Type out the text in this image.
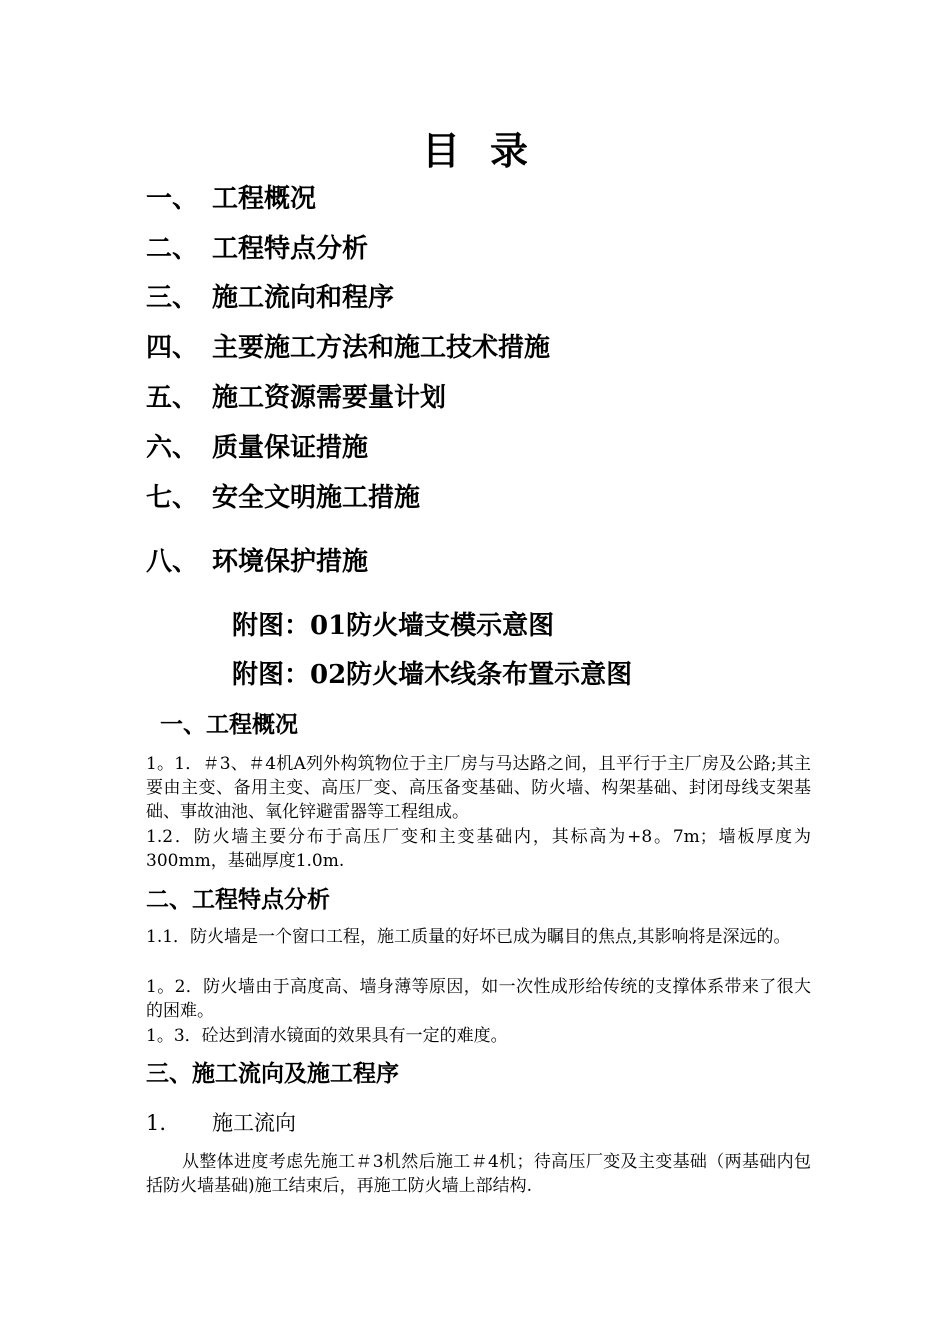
目录
一、 工程概况
二、 工程特点分析
三、 施工流向和程序
四、 主要施工方法和施工技术措施
五、 施工资源需要量计划
六、 质量保证措施
七、 安全文明施工措施
八、 环境保护措施
附图：01防火墙支模示意图
附图：02防火墙木线条布置示意图
一、工程概况
1。1．＃3、＃4机A列外构筑物位于主厂房与马达路之间，且平行于主厂房及公路;其主要由主变、备用主变、高压厂变、高压备变基础、防火墙、构架基础、封闭母线支架基础、事故油池、氧化锌避雷器等工程组成。
1.2．防火墙主要分布于高压厂变和主变基础内，其标高为+8。7m；墙板厚度为300mm，基础厚度1.0m.
二、工程特点分析
1.1．防火墙是一个窗口工程，施工质量的好坏已成为瞩目的焦点,其影响将是深远的。
1。2．防火墙由于高度高、墙身薄等原因，如一次性成形给传统的支撑体系带来了很大的困难。
1。3．砼达到清水镜面的效果具有一定的难度。
三、施工流向及施工程序
1. 施工流向
从整体进度考虑先施工＃3机然后施工＃4机；待高压厂变及主变基础（两基础内包括防火墙基础)施工结束后，再施工防火墙上部结构.
